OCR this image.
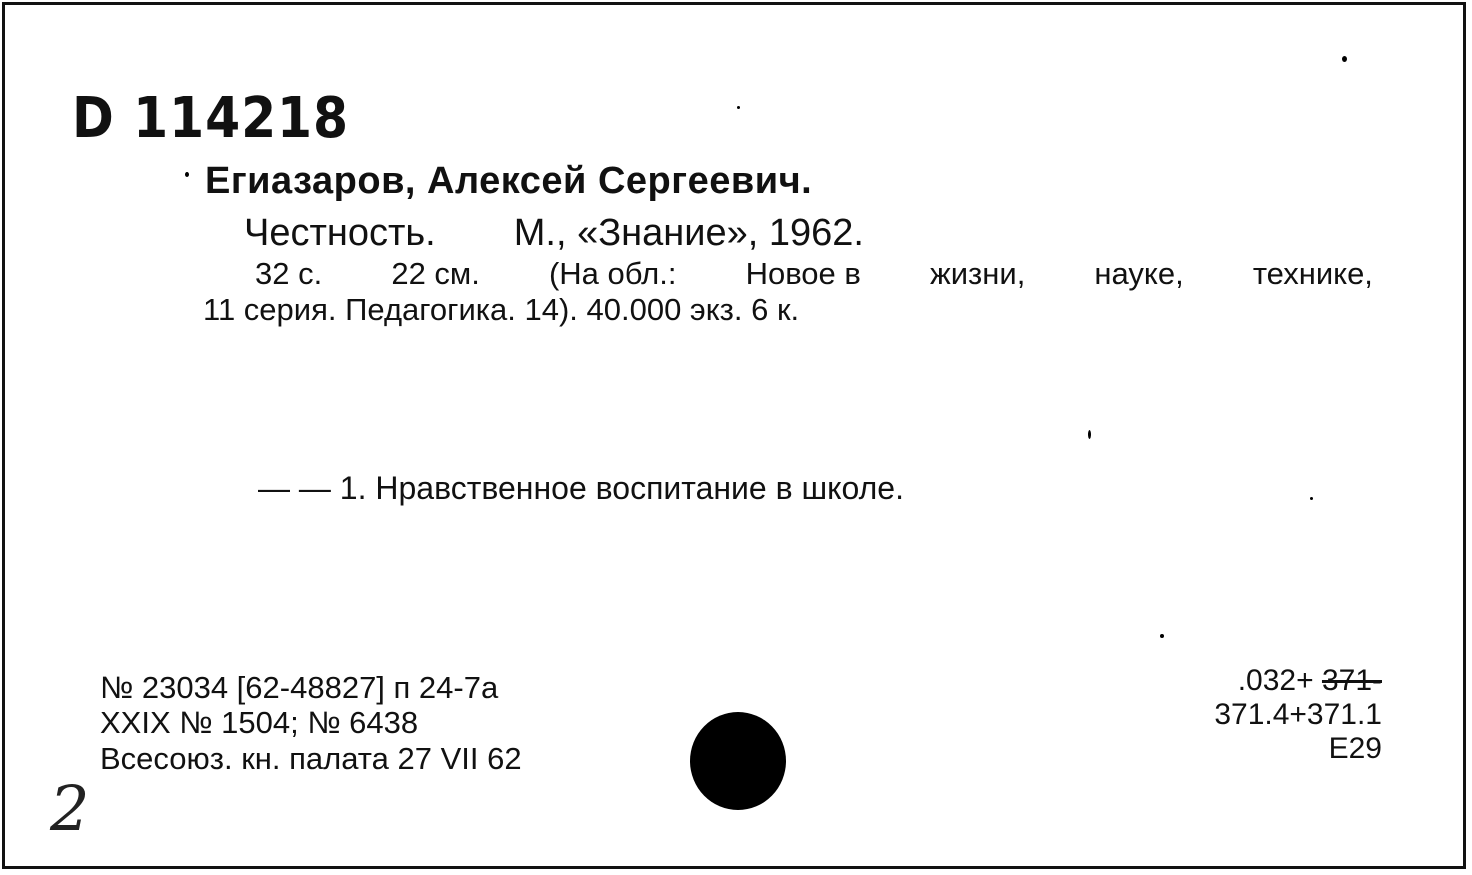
D 114218
Егиазаров, Алексей Сергеевич.
Честность. М., «Знание», 1962.
32 с. 22 см. (На обл.: Новое в жизни, науке, технике,
11 серия. Педагогика. 14). 40.000 экз. 6 к.
— — 1. Нравственное воспитание в школе.
№ 23034 [62-48827] п 24-7а
XXIX № 1504; № 6438
Всесоюз. кн. палата 27 VII 62
.032+ 371-
371.4+371.1
Е29
2
